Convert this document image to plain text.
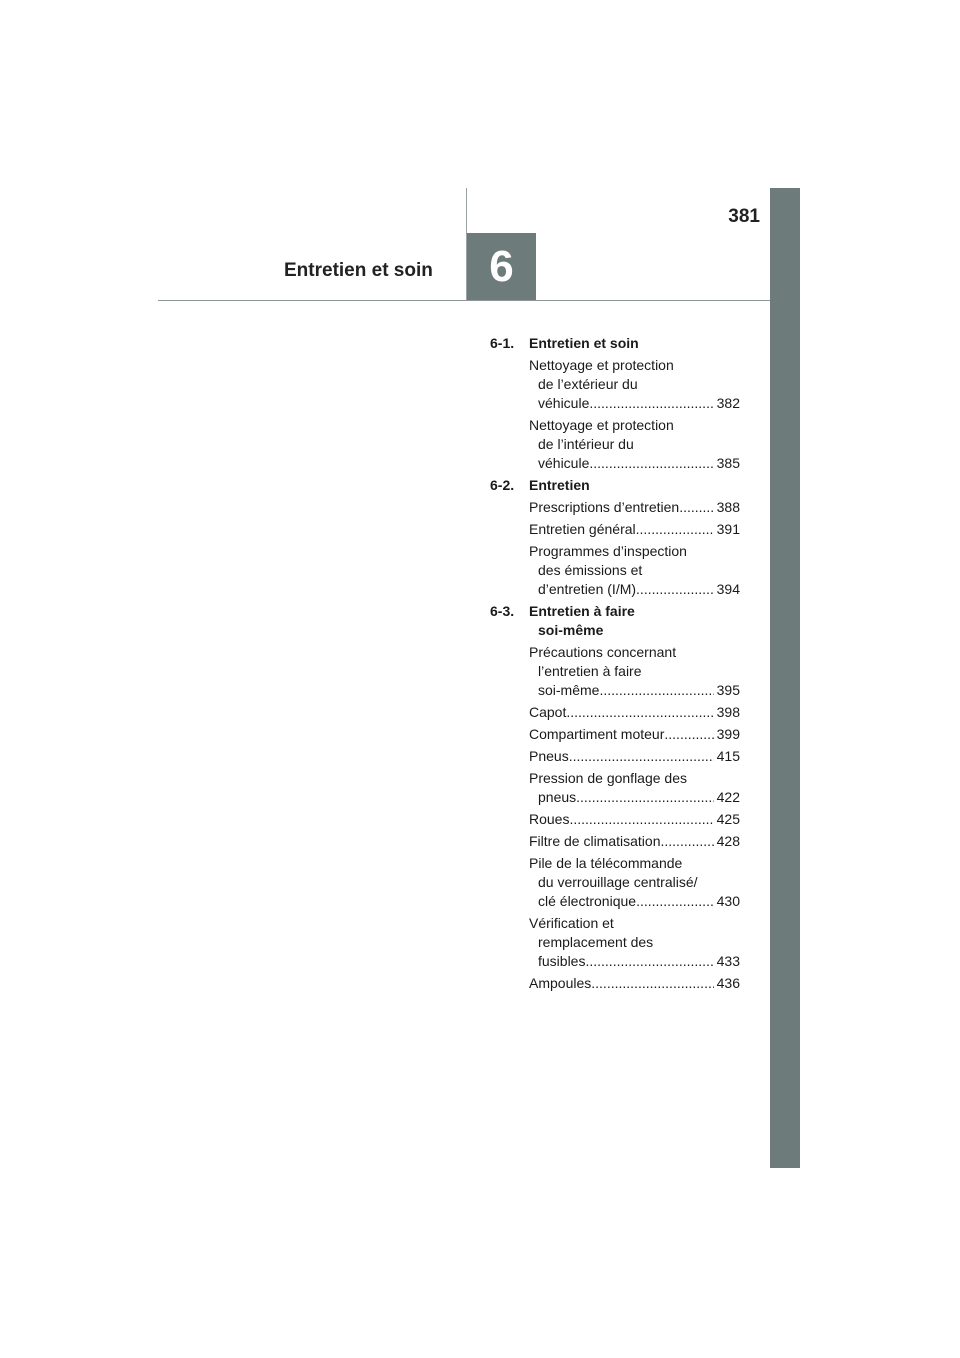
381
Entretien et soin 6
6-1.	Entretien et soin
Nettoyage et protection
de l’extérieur du
véhicule .....	382
Nettoyage et protection
de l’intérieur du
véhicule .....	385
6-2.	Entretien
Prescriptions d’entretien .....	388
Entretien général .....	391
Programmes d’inspection
des émissions et
d’entretien (I/M) .....	394
6-3.	Entretien à faire
soi-même
Précautions concernant
l’entretien à faire
soi-même .....	395
Capot .....	398
Compartiment moteur .....	399
Pneus .....	415
Pression de gonflage des
pneus .....	422
Roues .....	425
Filtre de climatisation .....	428
Pile de la télécommande
du verrouillage centralisé/
clé électronique .....	430
Vérification et
remplacement des
fusibles .....	433
Ampoules .....	436
